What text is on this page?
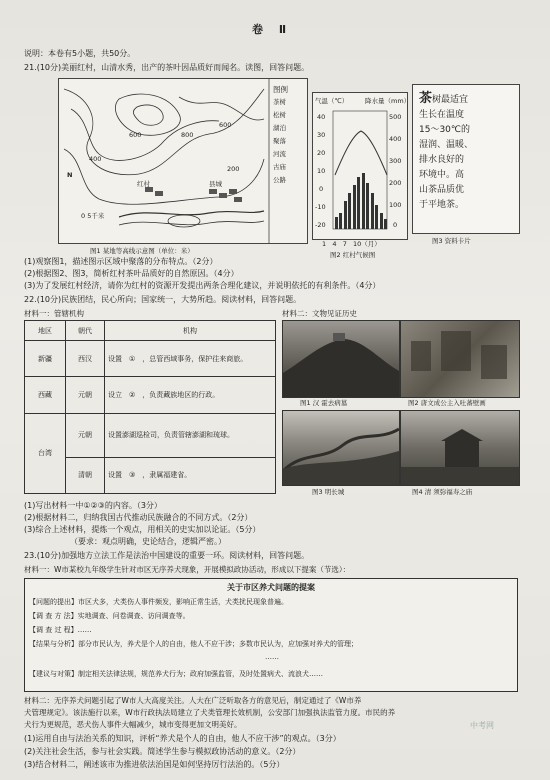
卷 Ⅱ
说明：本卷有5小题，共50分。
21.(10分)美丽红村，山清水秀，出产的茶叶因品质好而闻名。读图，回答问题。
600	800
400
600
200
红村	县城
0 5千米
N
图例
茶树
松树
湖泊
聚落
河流
古庙
公路
图1 某地等高线示意图（单位：米）
气温（℃）	降水量（mm）
40
30
20
10
0
-10
-20
500
400
300
200
100
0
1 4 7 10（月）
图2 红村气候图
茶树最适宜
生长在温度
15～30℃的
湿润、温暖、
排水良好的
环境中。高
山茶品质优
于平地茶。
图3 资料卡片
(1)观察图1，描述图示区域中聚落的分布特点。（2分）
(2)根据图2、图3，简析红村茶叶品质好的自然原因。（4分）
(3)为了发展红村经济，请你为红村的资源开发提出两条合理化建议，并说明依托的有利条件。（4分）
22.(10分)民族团结，民心所向；国家统一，大势所趋。阅读材料，回答问题。
材料一：管辖机构	材料二：文物见证历史
地区	朝代	机构
新疆	西汉	设置　①　，总管西域事务，保护往来商旅。
西藏	元朝	设立　②　，负责藏族地区的行政。
台湾	元朝	设置澎湖巡检司，负责管辖澎湖和琉球。
	清朝	设置　③　，隶属福建省。
图1 汉 霍去病墓	图2 唐文成公主入吐蕃壁画
图3 明长城	图4 清 须弥福寿之庙
(1)写出材料一中①②③的内容。（3分）
(2)根据材料二，归纳我国古代推动民族融合的不同方式。（2分）
(3)综合上述材料，提炼一个观点，用相关的史实加以论证。（5分）
（要求：观点明确，史论结合，逻辑严密。）
23.(10分)加强地方立法工作是法治中国建设的重要一环。阅读材料，回答问题。
材料一：W市某校九年级学生针对市区无序养犬现象，开展模拟政协活动，形成以下提案（节选）：
关于市区养犬问题的提案
【问题的提出】市区犬多，犬类伤人事件频发，影响正常生活，犬类扰民现象普遍。
【调 查 方 法】实地调查、问卷调查、访问调查等。
【调 查 过 程】……
【结果与分析】部分市民认为，养犬是个人的自由，他人不应干涉；多数市民认为，应加强对养犬的管理；
……
【建议与对策】制定相关法律法规，规范养犬行为；政府加强监管，及时处置病犬、流浪犬……
材料二：无序养犬问题引起了W市人大高度关注。人大在广泛听取各方的意见后，制定通过了《W市养
犬管理规定》。该法施行以来，W市行政执法局建立了犬类管理长效机制，公安部门加强执法监管力度。市民的养
犬行为更规范，恶犬伤人事件大幅减少，城市变得更加文明美好。
(1)运用自由与法治关系的知识，评析“养犬是个人的自由，他人不应干涉”的观点。（3分）
(2)关注社会生活，参与社会实践。简述学生参与模拟政协活动的意义。（2分）
(3)结合材料二，阐述该市为推进依法治国是如何坚持厉行法治的。（5分）
中考网
